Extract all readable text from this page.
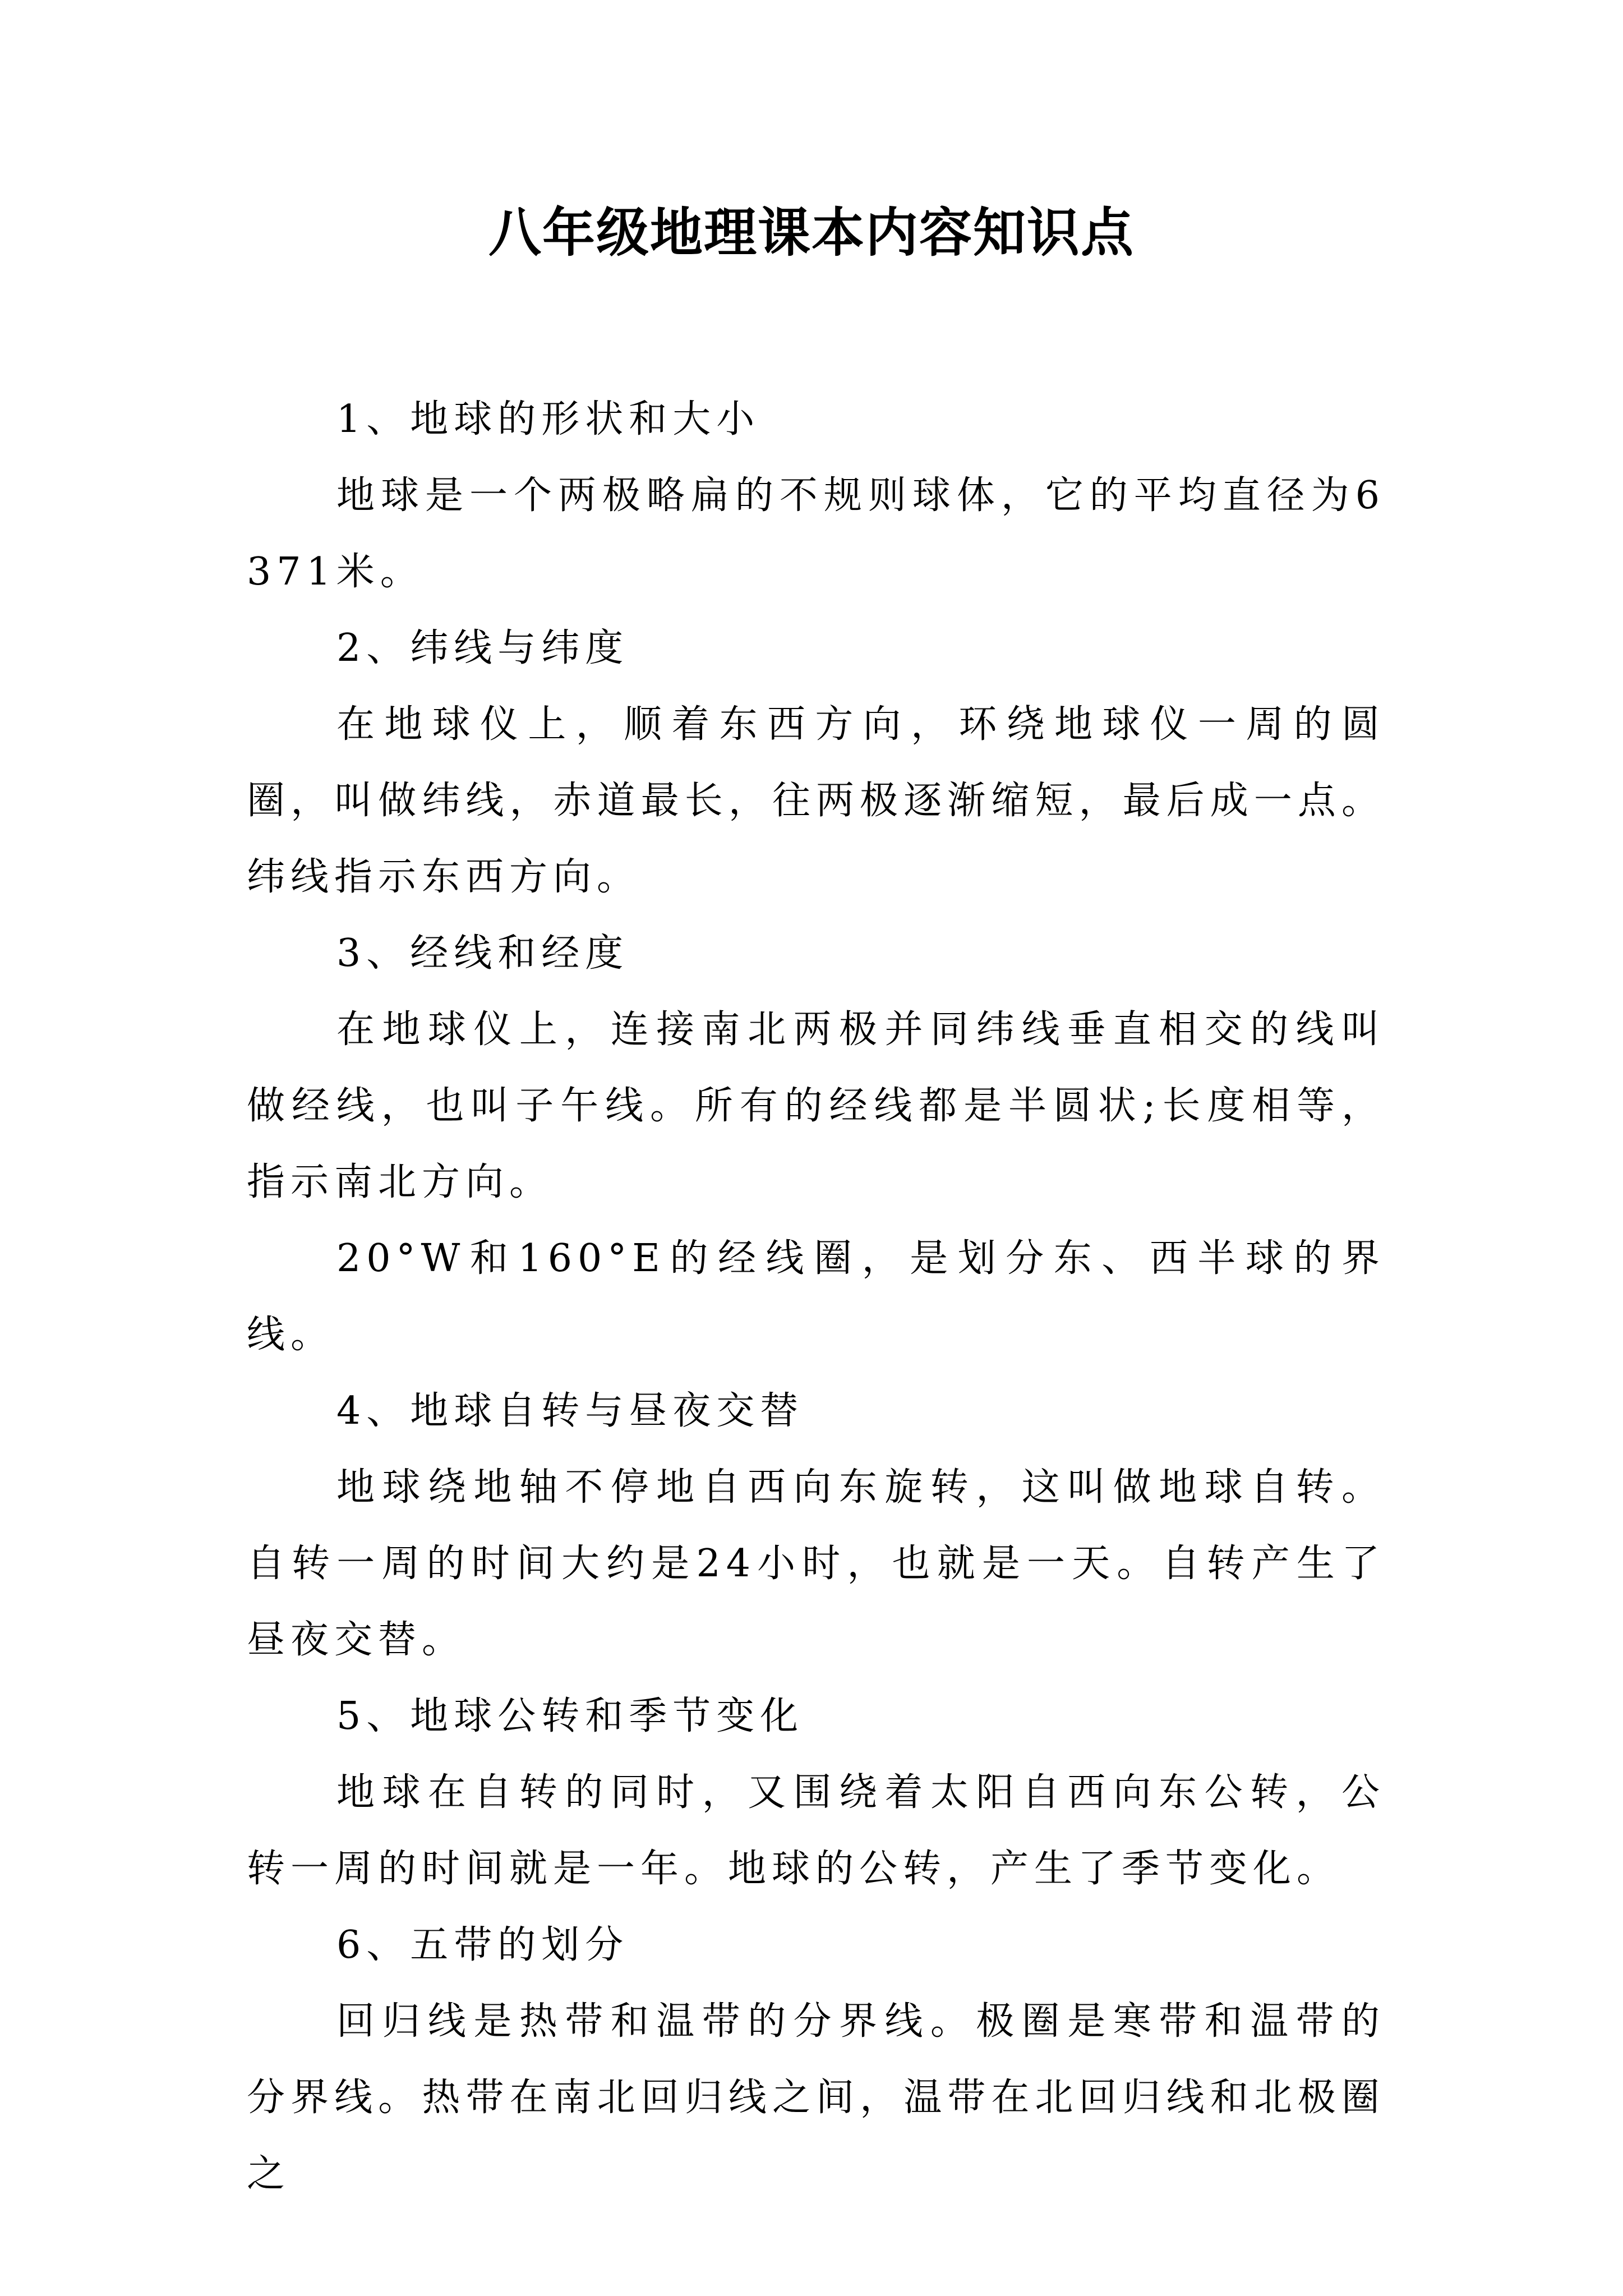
八年级地理课本内容知识点

1、地球的形状和大小

地球是一个两极略扁的不规则球体，它的平均直径为6371米。

2、纬线与纬度

在地球仪上，顺着东西方向，环绕地球仪一周的圆圈，叫做纬线，赤道最长，往两极逐渐缩短，最后成一点。纬线指示东西方向。

3、经线和经度

在地球仪上，连接南北两极并同纬线垂直相交的线叫做经线，也叫子午线。所有的经线都是半圆状;长度相等，指示南北方向。

20°W和160°E的经线圈，是划分东、西半球的界线。

4、地球自转与昼夜交替

地球绕地轴不停地自西向东旋转，这叫做地球自转。自转一周的时间大约是24小时，也就是一天。自转产生了昼夜交替。

5、地球公转和季节变化

地球在自转的同时，又围绕着太阳自西向东公转，公转一周的时间就是一年。地球的公转，产生了季节变化。

6、五带的划分

回归线是热带和温带的分界线。极圈是寒带和温带的分界线。热带在南北回归线之间，温带在北回归线和北极圈之
